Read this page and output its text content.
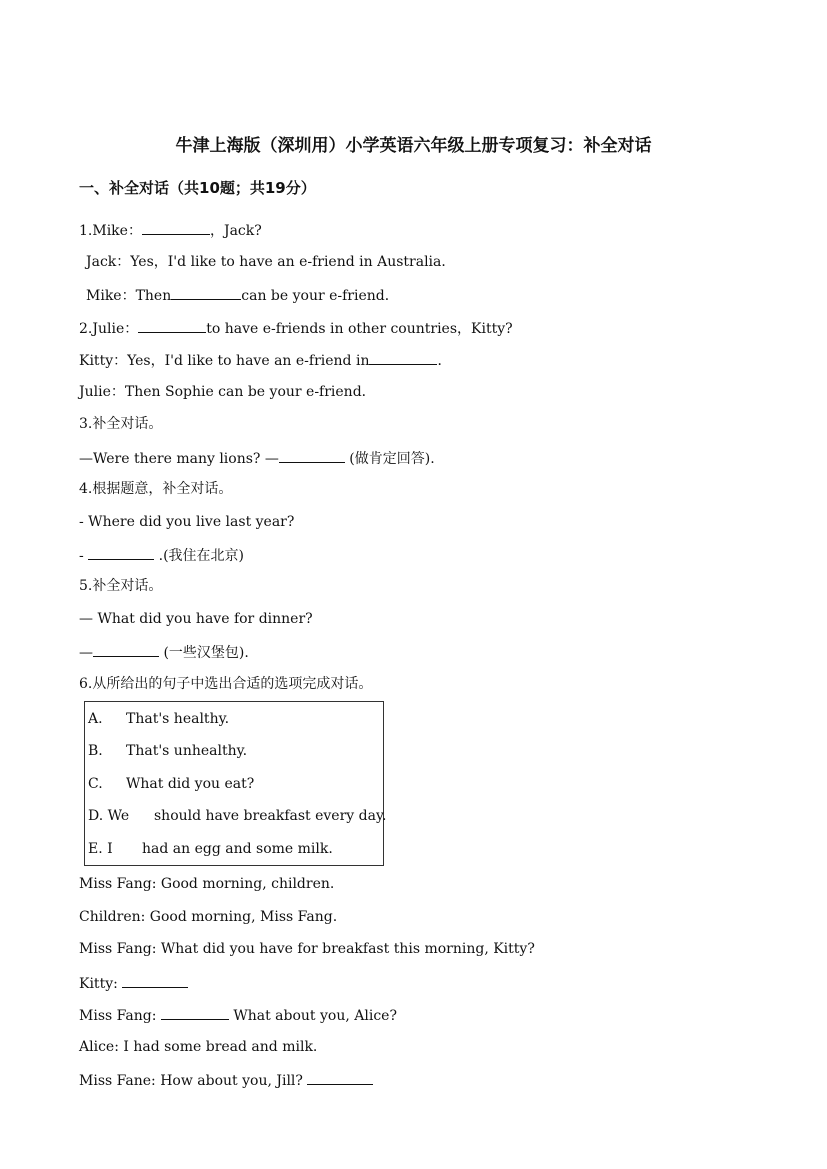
牛津上海版（深圳用）小学英语六年级上册专项复习：补全对话
一、补全对话（共10题；共19分）
1.Mike：	，Jack?
Jack：Yes，I'd like to have an e-friend in Australia．
Mike：Then	can be your e-friend．
2.Julie：	to have e-friends in other countries，Kitty?
Kitty：Yes，I'd like to have an e-friend in	．
Julie：Then Sophie can be your e-friend．
3.补全对话。
—Were there many lions? —	(做肯定回答).
4.根据题意，补全对话。
- Where did you live last year?
-	.(我住在北京)
5.补全对话。
— What did you have for dinner?
—	(一些汉堡包).
6.从所给出的句子中选出合适的选项完成对话。
A. That's healthy.
B. That's unhealthy.
C. What did you eat?
D. We should have breakfast every day.
E. I had an egg and some milk.
Miss Fang: Good morning, children.
Children: Good morning, Miss Fang.
Miss Fang: What did you have for breakfast this morning, Kitty?
Kitty:
Miss Fang:	What about you, Alice?
Alice: I had some bread and milk.
Miss Fane: How about you, Jill?
